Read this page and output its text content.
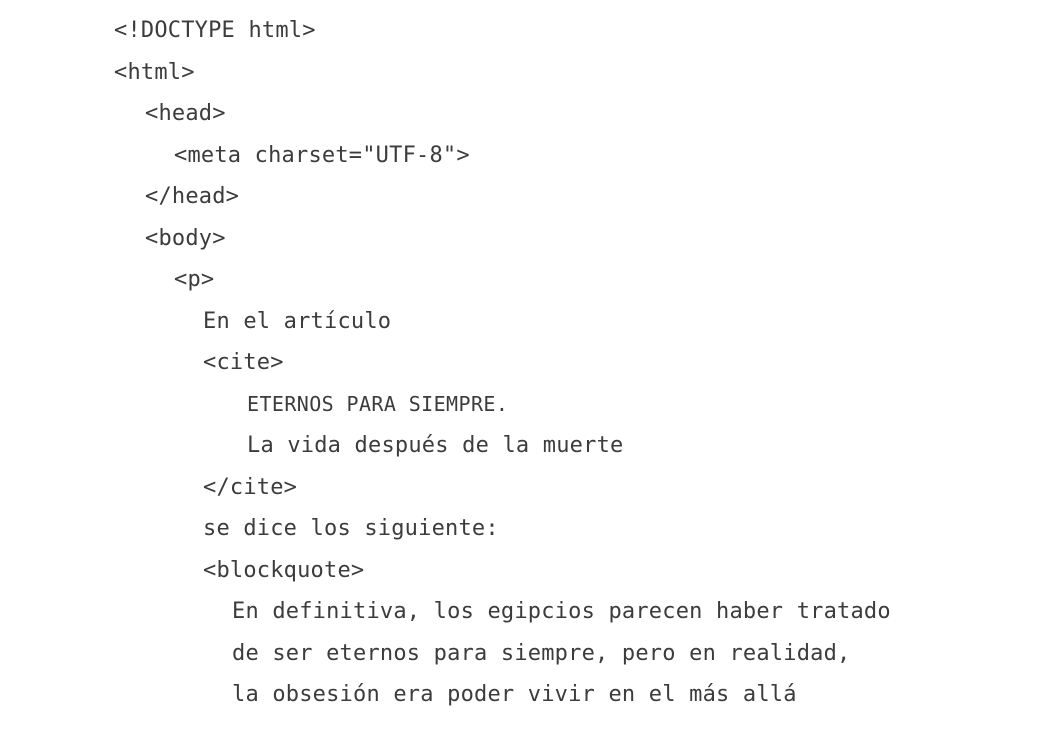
<!DOCTYPE html>
<html>
<head>
<meta charset="UTF-8">
</head>
<body>
<p>
En el artículo
<cite>
ETERNOS PARA SIEMPRE.
La vida después de la muerte
</cite>
se dice los siguiente:
<blockquote>
En definitiva, los egipcios parecen haber tratado
de ser eternos para siempre, pero en realidad,
la obsesión era poder vivir en el más allá
